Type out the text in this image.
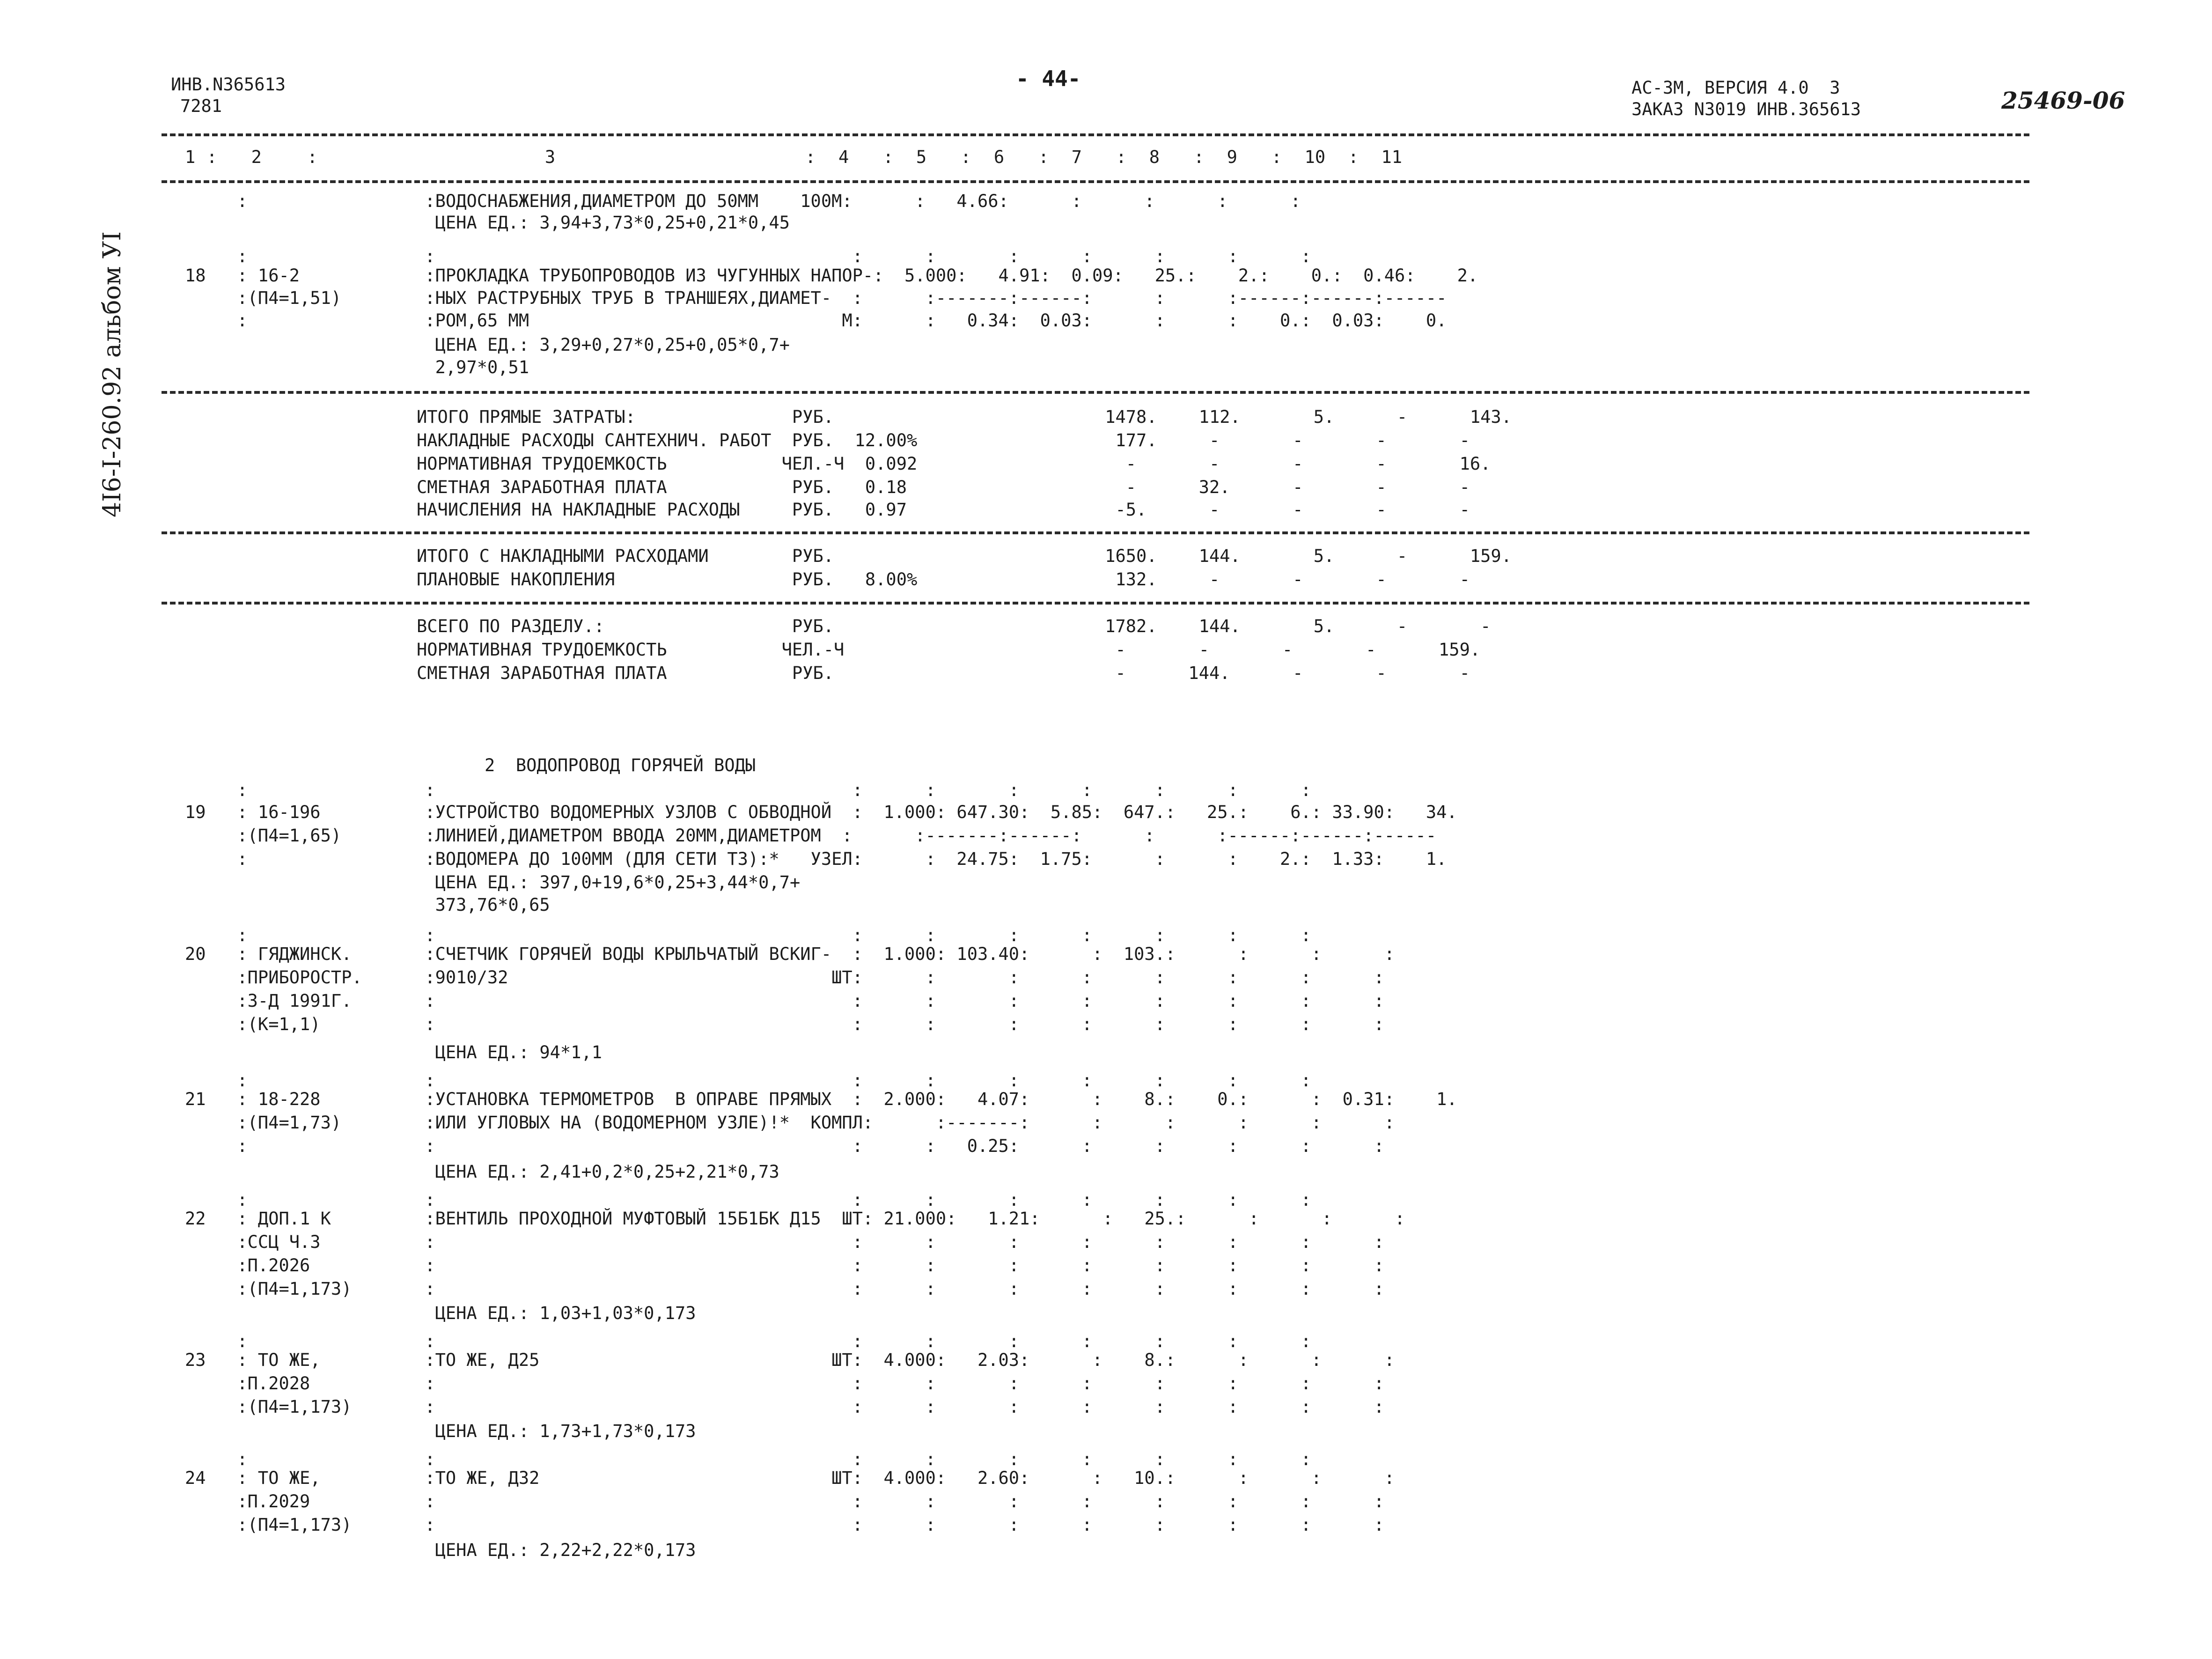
ИНВ.N365613
7281
- 44-	АС-3М, ВЕРСИЯ 4.0  3
ЗАКАЗ N3019 ИНВ.365613	25469-06
4I6-I-260.92 альбом УI
1 :   2    :                    3                      :  4   :  5   :  6   :  7   :  8   :  9   :  10  :  11
:                 :ВОДОСНАБЖЕНИЯ,ДИАМЕТРОМ ДО 50ММ    100М:      :   4.66:      :      :      :      :
ЦЕНА ЕД.: 3,94+3,73*0,25+0,21*0,45
:                 :                                        :      :       :      :      :      :      :
18   : 16-2            :ПРОКЛАДКА ТРУБОПРОВОДОВ ИЗ ЧУГУННЫХ НАПОР-:  5.000:   4.91:  0.09:   25.:    2.:    0.:  0.46:    2.
:(П4=1,51)        :НЫХ РАСТРУБНЫХ ТРУБ В ТРАНШЕЯХ,ДИАМЕТ-  :      :-------:------:      :      :------:------:------
:                 :РОМ,65 ММ                              М:      :   0.34:  0.03:      :      :    0.:  0.03:    0.
ЦЕНА ЕД.: 3,29+0,27*0,25+0,05*0,7+
2,97*0,51
ИТОГО ПРЯМЫЕ ЗАТРАТЫ:               РУБ.                          1478.    112.       5.      -      143.
НАКЛАДНЫЕ РАСХОДЫ САНТЕХНИЧ. РАБОТ  РУБ.  12.00%                   177.     -       -       -       -
НОРМАТИВНАЯ ТРУДОЕМКОСТЬ           ЧЕЛ.-Ч  0.092                    -       -       -       -       16.
СМЕТНАЯ ЗАРАБОТНАЯ ПЛАТА            РУБ.   0.18                     -      32.      -       -       -
НАЧИСЛЕНИЯ НА НАКЛАДНЫЕ РАСХОДЫ     РУБ.   0.97                    -5.      -       -       -       -
ИТОГО С НАКЛАДНЫМИ РАСХОДАМИ        РУБ.                          1650.    144.       5.      -      159.
ПЛАНОВЫЕ НАКОПЛЕНИЯ                 РУБ.   8.00%                   132.     -       -       -       -
ВСЕГО ПО РАЗДЕЛУ.:                  РУБ.                          1782.    144.       5.      -       -
НОРМАТИВНАЯ ТРУДОЕМКОСТЬ           ЧЕЛ.-Ч                          -       -       -       -      159.
СМЕТНАЯ ЗАРАБОТНАЯ ПЛАТА            РУБ.                           -      144.      -       -       -
2  ВОДОПРОВОД ГОРЯЧЕЙ ВОДЫ
:                 :                                        :      :       :      :      :      :      :
19   : 16-196          :УСТРОЙСТВО ВОДОМЕРНЫХ УЗЛОВ С ОБВОДНОЙ  :  1.000: 647.30:  5.85:  647.:   25.:    6.: 33.90:   34.
:(П4=1,65)        :ЛИНИЕЙ,ДИАМЕТРОМ ВВОДА 20ММ,ДИАМЕТРОМ  :      :-------:------:      :      :------:------:------
:                 :ВОДОМЕРА ДО 100ММ (ДЛЯ СЕТИ Т3):*   УЗЕЛ:      :  24.75:  1.75:      :      :    2.:  1.33:    1.
ЦЕНА ЕД.: 397,0+19,6*0,25+3,44*0,7+
373,76*0,65
:                 :                                        :      :       :      :      :      :      :
20   : ГЯДЖИНСК.       :СЧЕТЧИК ГОРЯЧЕЙ ВОДЫ КРЫЛЬЧАТЫЙ ВСКИГ-  :  1.000: 103.40:      :  103.:      :      :      :
:ПРИБОРОСТР.      :9010/32                               ШТ:      :       :      :      :      :      :      :
:3-Д 1991Г.       :                                        :      :       :      :      :      :      :      :
:(К=1,1)          :                                        :      :       :      :      :      :      :      :
ЦЕНА ЕД.: 94*1,1
:                 :                                        :      :       :      :      :      :      :
21   : 18-228          :УСТАНОВКА ТЕРМОМЕТРОВ  В ОПРАВЕ ПРЯМЫХ  :  2.000:   4.07:      :    8.:    0.:      :  0.31:    1.
:(П4=1,73)        :ИЛИ УГЛОВЫХ НА (ВОДОМЕРНОМ УЗЛЕ)!*  КОМПЛ:      :-------:      :      :      :      :      :
:                 :                                        :      :   0.25:      :      :      :      :      :
ЦЕНА ЕД.: 2,41+0,2*0,25+2,21*0,73
:                 :                                        :      :       :      :      :      :      :
22   : ДОП.1 К         :ВЕНТИЛЬ ПРОХОДНОЙ МУФТОВЫЙ 15Б1БК Д15  ШТ: 21.000:   1.21:      :   25.:      :      :      :
:ССЦ Ч.3          :                                        :      :       :      :      :      :      :      :
:П.2026           :                                        :      :       :      :      :      :      :      :
:(П4=1,173)       :                                        :      :       :      :      :      :      :      :
ЦЕНА ЕД.: 1,03+1,03*0,173
:                 :                                        :      :       :      :      :      :      :
23   : ТО ЖЕ,          :ТО ЖЕ, Д25                            ШТ:  4.000:   2.03:      :    8.:      :      :      :
:П.2028           :                                        :      :       :      :      :      :      :      :
:(П4=1,173)       :                                        :      :       :      :      :      :      :      :
ЦЕНА ЕД.: 1,73+1,73*0,173
:                 :                                        :      :       :      :      :      :      :
24   : ТО ЖЕ,          :ТО ЖЕ, Д32                            ШТ:  4.000:   2.60:      :   10.:      :      :      :
:П.2029           :                                        :      :       :      :      :      :      :      :
:(П4=1,173)       :                                        :      :       :      :      :      :      :      :
ЦЕНА ЕД.: 2,22+2,22*0,173
